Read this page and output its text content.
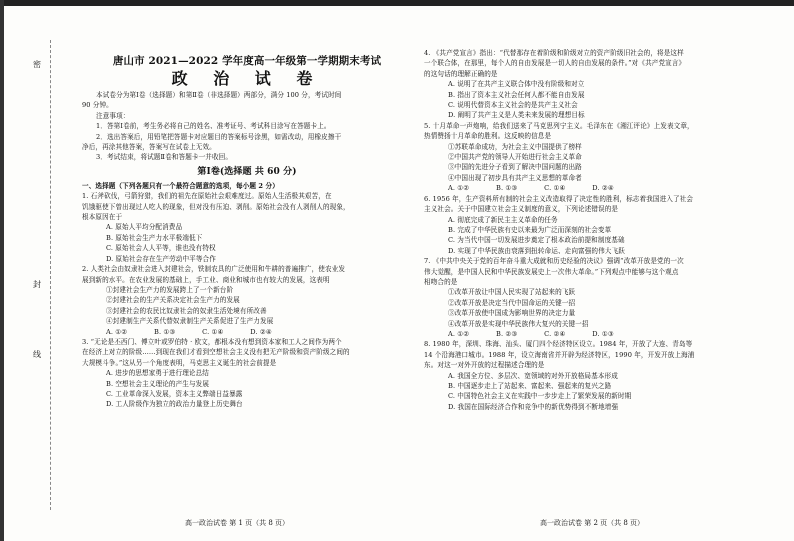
密
封
线
唐山市 2021—2022 学年度高一年级第一学期期末考试
政 治 试 卷

本试卷分为第Ⅰ卷（选择题）和第Ⅱ卷（非选择题）两部分，满分 100 分，考试时间

90 分钟。

注意事项：

1．答第Ⅰ卷前，考生务必将自己的姓名、准考证号、考试科目涂写在答题卡上。

2．选出答案后，用铅笔把答题卡对应题目的答案标号涂黑，如需改动，用橡皮擦干

净后，再涂其他答案，答案写在试卷上无效。

3．考试结束，将试题Ⅱ卷和答题卡一并收回。

第Ⅰ卷(选择题 共 60 分)

一、选择题（下列各题只有一个最符合题意的选项，每小题 2 分）

1. 石斧砍伐，弓箭狩猎，我们的祖先在原始社会艰难度过。原始人生活极其艰苦，在

饥饿驱使下曾出现过人吃人的现象，但对没有压迫、剥削。原始社会没有人剥削人的现象，

根本原因在于

A. 原始人平均分配消费品

B. 原始社会生产力水平极端低下

C. 原始社会人人平等，谁也没有特权

D. 原始社会存在生产劳动中平等合作

2. 人类社会由奴隶社会进入封建社会，铁制农具的广泛使用和牛耕的普遍推广，使农业发

展到新的水平。在农业发展的基础上，手工业、商业和城市也有较大的发展，这表明

①封建社会生产力的发展跨上了一个新台阶

②封建社会的生产关系决定社会生产力的发展

③封建社会的农民比奴隶社会的奴隶生活处境有所改善

④封建制生产关系代替奴隶制生产关系促进了生产力发展

A. ①②　　　　B. ①③　　　　C. ①④　　　　D. ②④

3. “无论是丕西门、傅立叶或罗伯特 · 欧文，都根本没有想到资本家和工人之间作为两个

在经济上对立的阶级……到现在我们才看到空想社会主义没有把无产阶级和资产阶级之间的

大规模斗争。”这从另一个角度表明，马克思主义诞生的社会前提是

A. 进步的思想家勇于进行理论总结

B. 空想社会主义理论的产生与发展

C. 工业革命深入发展，资本主义弊端日益暴露

D. 工人阶级作为独立的政治力量登上历史舞台

4. 《共产党宣言》指出：“代替那存在着阶级和阶级对立的资产阶级旧社会的，将是这样

一个联合体，在那里，每个人的自由发展是一切人的自由发展的条件。”对《共产党宣言》

的这句话的理解正确的是

A. 说明了在共产主义联合体中没有阶级和对立

B. 指出了资本主义社会任何人都不能自由发展

C. 说明代替资本主义社会的是共产主义社会

D. 阐明了共产主义是人类未来发展的理想目标

5. 十月革命一声炮响，给我们送来了马克思列宁主义。毛泽东在《湘江评论》上发表文章，

热情赞扬十月革命的胜利。这反映的信息是

①苏联革命成功，为社会主义中国提供了榜样

②中国共产党的领导人开始进行社会主义革命

③中国的先进分子看到了解决中国问题的出路

④中国出现了初步具有共产主义思想的革命者

A. ①②　　　　B. ①③　　　　C. ①④　　　　D. ②④

6. 1956 年，生产资料所有制的社会主义改造取得了决定性的胜利，标志着我国进入了社会

主义社会。关于中国建立社会主义制度的意义，下列论述错误的是

A. 彻底完成了新民主主义革命的任务

B. 完成了中华民族有史以来最为广泛而深刻的社会变革

C. 为当代中国一切发展进步奠定了根本政治前提和制度基础

D. 实现了中华民族由衰落到扭转命运、走向富强的伟大飞跃

7. 《中共中央关于党的百年奋斗重大成就和历史经验的决议》强调“改革开放是党的一次

伟大觉醒，是中国人民和中华民族发展史上一次伟大革命。”下列观点中能够与这个观点

相吻合的是

①改革开放让中国人民实现了站起来的飞跃

②改革开放是决定当代中国命运的关键一招

③改革开放使中国成为影响世界的决定力量

④改革开放是实现中华民族伟大复兴的关键一招

A. ①②　　　　B. ②③　　　　C. ②④　　　　D. ①③

8. 1980 年，深圳、珠海、汕头、厦门四个经济特区设立。1984 年，开放了大连、青岛等

14 个沿海港口城市。1988 年，设立海南省并开辟为经济特区，1990 年，开发开放上海浦

东。对这一对外开放的过程描述合理的是

A. 我国全方位、多层次、宽领域的对外开放格局基本形成

B. 中国逐步走上了站起来、富起来、强起来的复兴之路

C. 中国特色社会主义在实践中一步步走上了繁荣发展的新时期

D. 我国在国际经济合作和竞争中的新优势得到不断地增强

高一政治试卷 第 1 页（共 8 页）	高一政治试卷 第 2 页（共 8 页）
